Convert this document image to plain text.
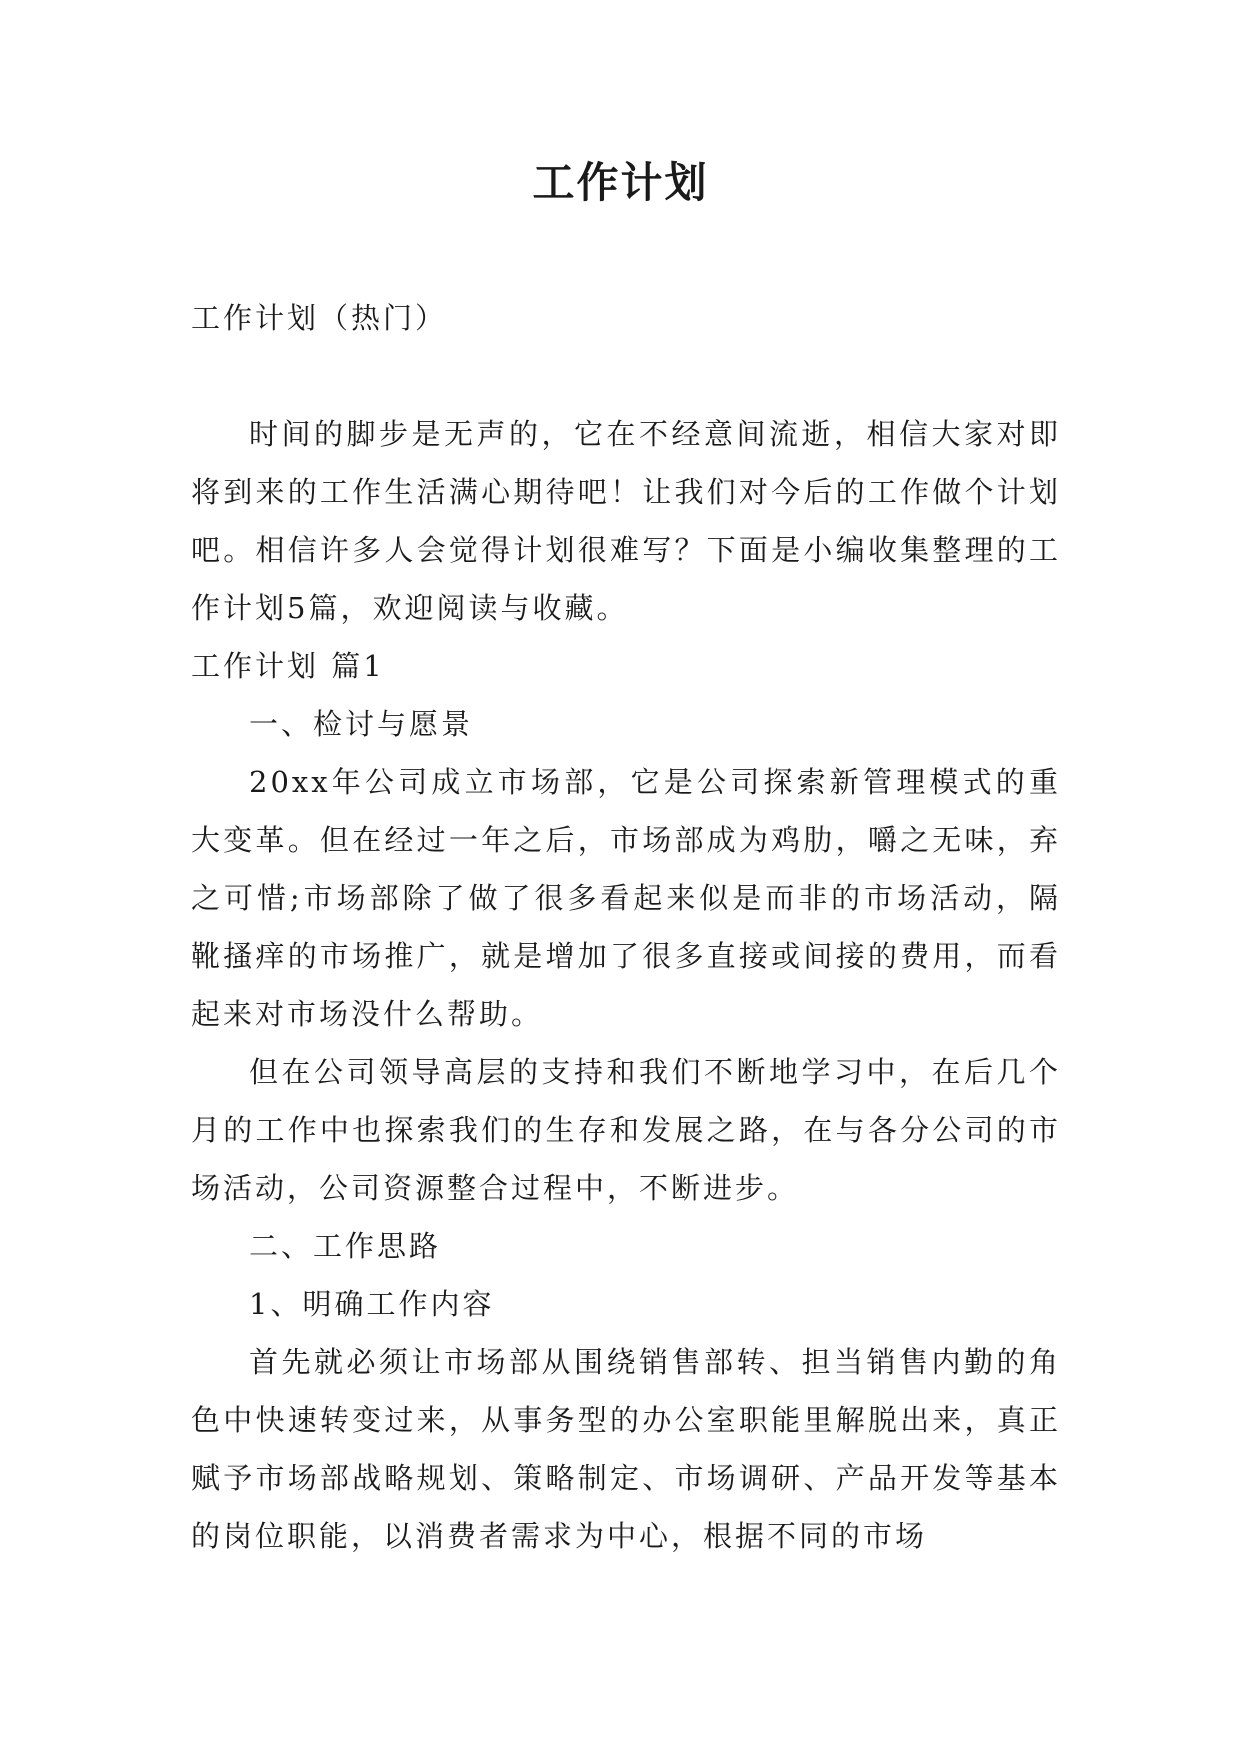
工作计划

工作计划（热门）

时间的脚步是无声的，它在不经意间流逝，相信大家对即将到来的工作生活满心期待吧！让我们对今后的工作做个计划吧。相信许多人会觉得计划很难写？下面是小编收集整理的工作计划5篇，欢迎阅读与收藏。

工作计划 篇1

一、检讨与愿景

20xx年公司成立市场部，它是公司探索新管理模式的重大变革。但在经过一年之后，市场部成为鸡肋，嚼之无味，弃之可惜;市场部除了做了很多看起来似是而非的市场活动，隔靴搔痒的市场推广，就是增加了很多直接或间接的费用，而看起来对市场没什么帮助。

但在公司领导高层的支持和我们不断地学习中，在后几个月的工作中也探索我们的生存和发展之路，在与各分公司的市场活动，公司资源整合过程中，不断进步。

二、工作思路

1、明确工作内容

首先就必须让市场部从围绕销售部转、担当销售内勤的角色中快速转变过来，从事务型的办公室职能里解脱出来，真正赋予市场部战略规划、策略制定、市场调研、产品开发等基本的岗位职能，以消费者需求为中心，根据不同的市场
